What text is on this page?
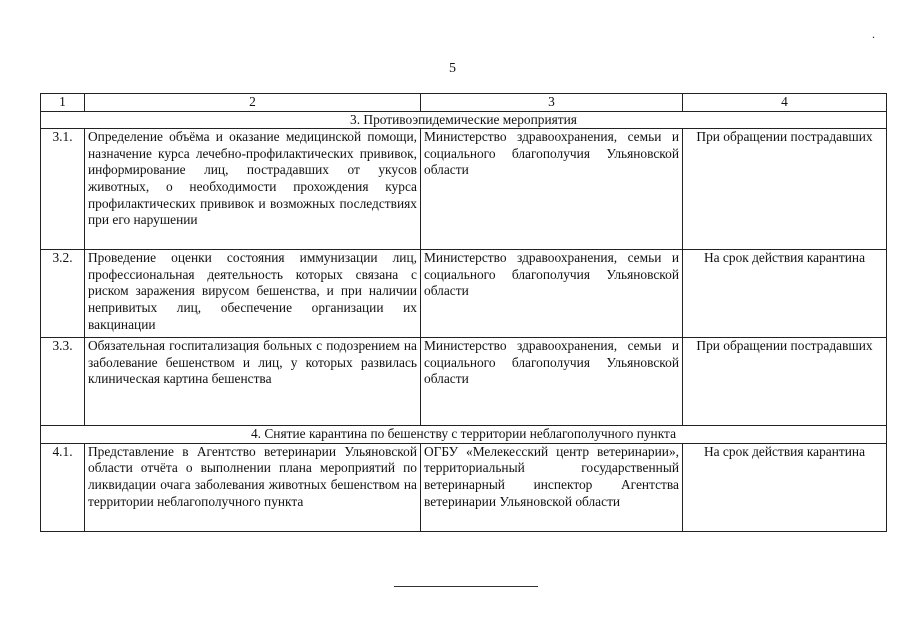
.
5
1	2	3	4
3. Противоэпидемические мероприятия			
3.1.	Определение объёма и оказание медицинской помощи, назначение курса лечебно-профилактических прививок, информирование лиц, пострадавших от укусов животных, о необходимости прохождения курса профилактических прививок и возможных последствиях при его нарушении	Министерство здравоохранения, семьи и социального благополучия Ульяновской области	При обращении пострадавших
3.2.	Проведение оценки состояния иммунизации лиц, профессиональная деятельность которых связана с риском заражения вирусом бешенства, и при наличии непривитых лиц, обеспечение организации их вакцинации	Министерство здравоохранения, семьи и социального благополучия Ульяновской области	На срок действия карантина
3.3.	Обязательная госпитализация больных с подозрением на заболевание бешенством и лиц, у которых развилась клиническая картина бешенства	Министерство здравоохранения, семьи и социального благополучия Ульяновской области	При обращении пострадавших
4. Снятие карантина по бешенству с территории неблагополучного пункта			
4.1.	Представление в Агентство ветеринарии Ульяновской области отчёта о выполнении плана мероприятий по ликвидации очага заболевания животных бешенством на территории неблагополучного пункта	ОГБУ «Мелекесский центр ветеринарии», территориальный государственный ветеринарный инспектор Агентства ветеринарии Ульяновской области	На срок действия карантина
